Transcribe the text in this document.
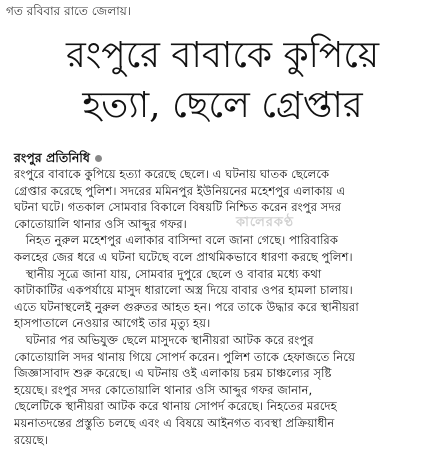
গত রবিবার রাতে জেলায়।
রংপুরে বাবাকে কুপিয়ে
হত্যা, ছেলে গ্রেপ্তার
রংপুর প্রতিনিধি
রংপুরে বাবাকে কুপিয়ে হত্যা করেছে ছেলে। এ ঘটনায় ঘাতক ছেলেকে
গ্রেপ্তার করেছে পুলিশ। সদরের মমিনপুর ইউনিয়নের মহেশপুর এলাকায় এ
ঘটনা ঘটে। গতকাল সোমবার বিকালে বিষয়টি নিশ্চিত করেন রংপুর সদর
কোতোয়ালি থানার ওসি আব্দুর গফর।
 নিহত নুরুল মহেশপুর এলাকার বাসিন্দা বলে জানা গেছে। পারিবারিক
কলহের জের ধরে এ ঘটনা ঘটেছে বলে প্রাথমিকভাবে ধারণা করছে পুলিশ।
 স্থানীয় সূত্রে জানা যায়, সোমবার দুপুরে ছেলে ও বাবার মধ্যে কথা
কাটাকাটির একপর্যায়ে মাসুদ ধারালো অস্ত্র দিয়ে বাবার ওপর হামলা চালায়।
এতে ঘটনাস্থলেই নুরুল গুরুতর আহত হন। পরে তাকে উদ্ধার করে স্থানীয়রা
হাসপাতালে নেওয়ার আগেই তার মৃত্যু হয়।
 ঘটনার পর অভিযুক্ত ছেলে মাসুদকে স্থানীয়রা আটক করে রংপুর
কোতোয়ালি সদর থানায় গিয়ে সোপর্দ করেন। পুলিশ তাকে হেফাজতে নিয়ে
জিজ্ঞাসাবাদ শুরু করেছে। এ ঘটনায় ওই এলাকায় চরম চাঞ্চল্যের সৃষ্টি
হয়েছে। রংপুর সদর কোতোয়ালি থানার ওসি আব্দুর গফর জানান,
ছেলেটিকে স্থানীয়রা আটক করে থানায় সোপর্দ করেছে। নিহতের মরদেহ
ময়নাতদন্তের প্রস্তুতি চলছে এবং এ বিষয়ে আইনগত ব্যবস্থা প্রক্রিয়াধীন
রয়েছে।
কালেরকণ্ঠ
